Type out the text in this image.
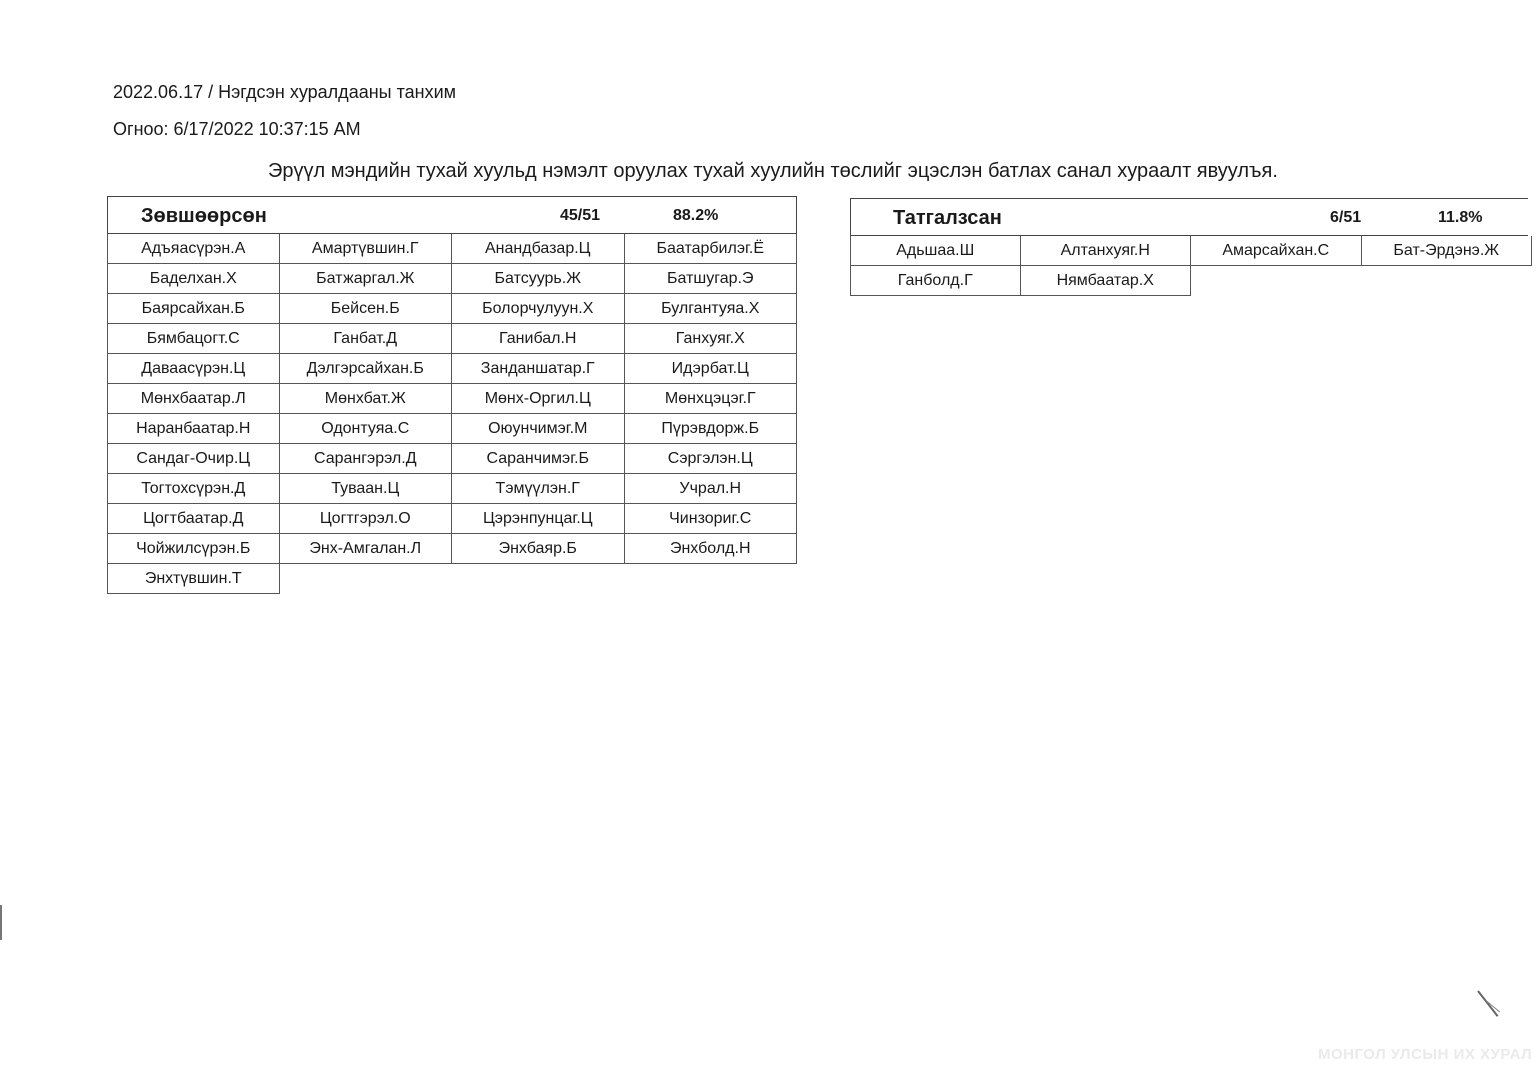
2022.06.17 / Нэгдсэн хуралдааны танхим
Огноо: 6/17/2022 10:37:15 AM
Эрүүл мэндийн тухай хуульд нэмэлт оруулах тухай хуулийн төслийг эцэслэн батлах санал хураалт явуулъя.
Зөвшөөрсөн	45/51	88.2%
Адъяасүрэн.А	Амартүвшин.Г	Анандбазар.Ц	Баатарбилэг.Ё
Баделхан.Х	Батжаргал.Ж	Батсуурь.Ж	Батшугар.Э
Баярсайхан.Б	Бейсен.Б	Болорчулуун.Х	Булгантуяа.Х
Бямбацогт.С	Ганбат.Д	Ганибал.Н	Ганхуяг.Х
Даваасүрэн.Ц	Дэлгэрсайхан.Б	Занданшатар.Г	Идэрбат.Ц
Мөнхбаатар.Л	Мөнхбат.Ж	Мөнх-Оргил.Ц	Мөнхцэцэг.Г
Наранбаатар.Н	Одонтуяа.С	Оюунчимэг.М	Пүрэвдорж.Б
Сандаг-Очир.Ц	Сарангэрэл.Д	Саранчимэг.Б	Сэргэлэн.Ц
Тогтохсүрэн.Д	Туваан.Ц	Тэмүүлэн.Г	Учрал.Н
Цогтбаатар.Д	Цогтгэрэл.О	Цэрэнпунцаг.Ц	Чинзориг.С
Чойжилсүрэн.Б	Энх-Амгалан.Л	Энхбаяр.Б	Энхболд.Н
Энхтүвшин.Т
Татгалзсан	6/51	11.8%
Адьшаа.Ш	Алтанхуяг.Н	Амарсайхан.С	Бат-Эрдэнэ.Ж
Ганболд.Г	Нямбаатар.Х
МОНГОЛ УЛСЫН ИХ ХУРАЛ
